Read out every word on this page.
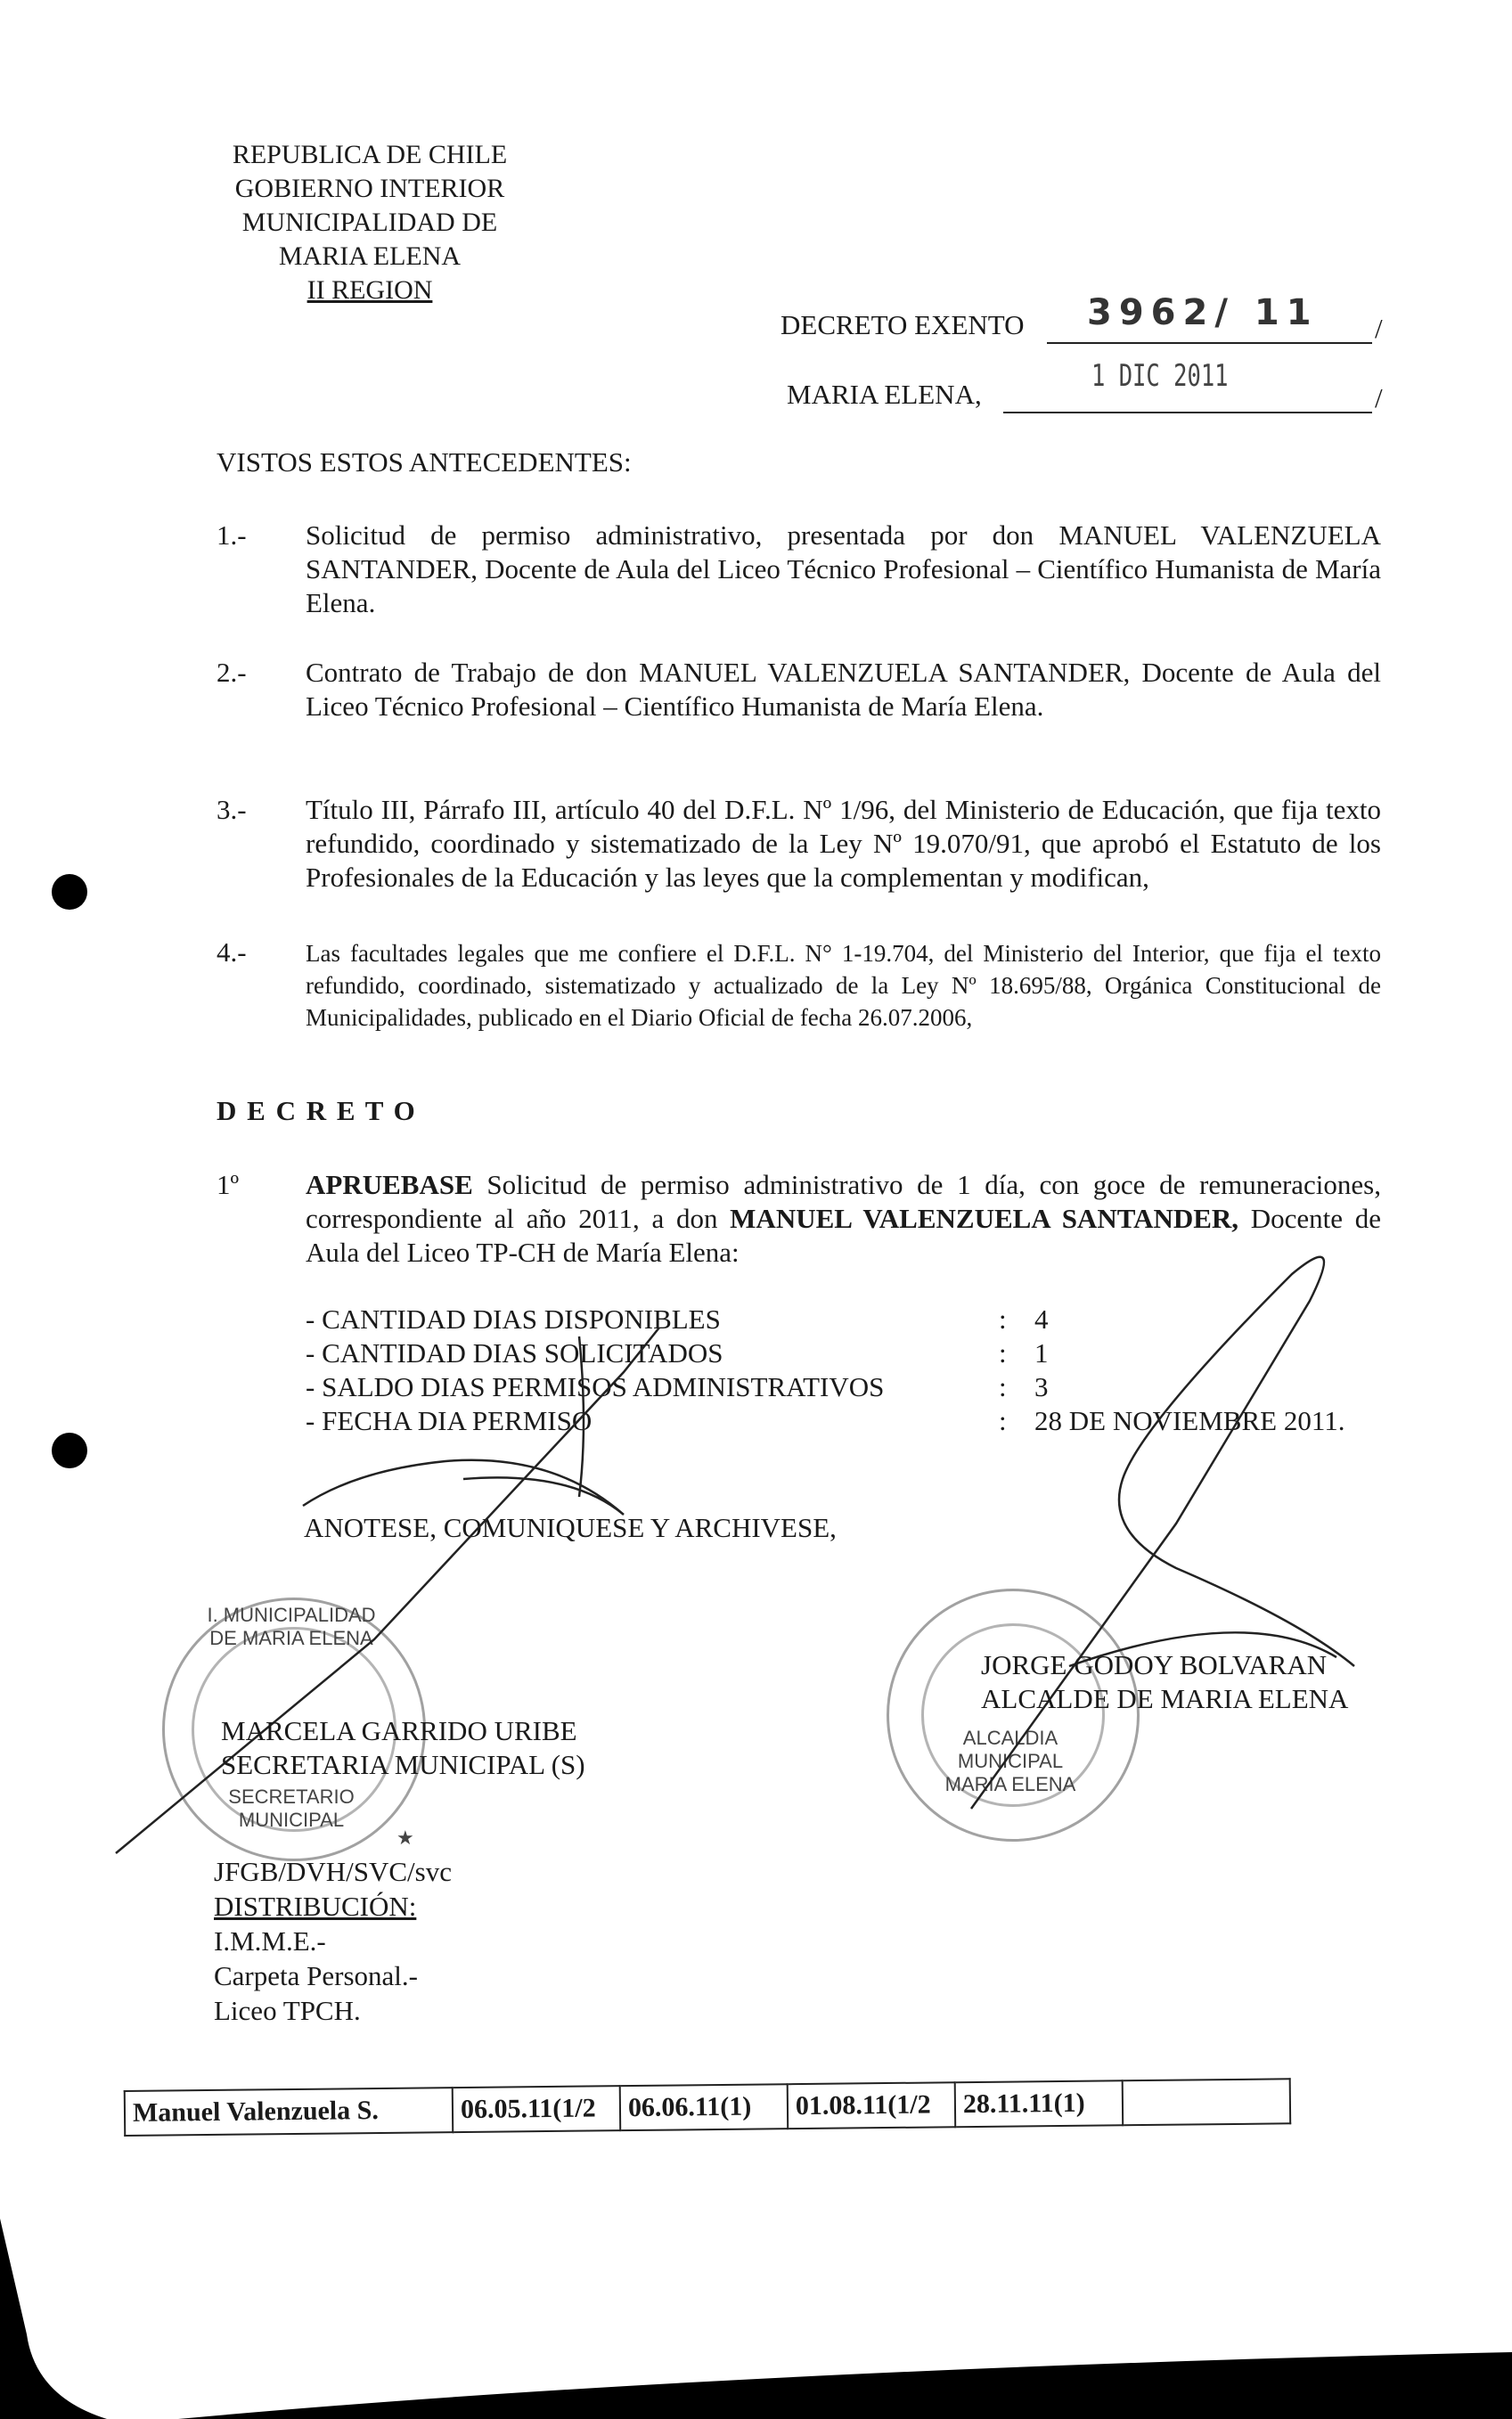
REPUBLICA DE CHILE
GOBIERNO INTERIOR
MUNICIPALIDAD DE
MARIA ELENA
II REGION
DECRETO EXENTO 3962/ 11 /
MARIA ELENA,
1 DIC 2011
/
VISTOS ESTOS ANTECEDENTES:
1.- Solicitud de permiso administrativo, presentada por don MANUEL VALENZUELA SANTANDER, Docente de Aula del Liceo Técnico Profesional – Científico Humanista de María Elena.
2.- Contrato de Trabajo de don MANUEL VALENZUELA SANTANDER, Docente de Aula del Liceo Técnico Profesional – Científico Humanista de María Elena.
3.- Título III, Párrafo III, artículo 40 del D.F.L. Nº 1/96, del Ministerio de Educación, que fija texto refundido, coordinado y sistematizado de la Ley Nº 19.070/91, que aprobó el Estatuto de los Profesionales de la Educación y las leyes que la complementan y modifican,
4.- Las facultades legales que me confiere el D.F.L. N° 1-19.704, del Ministerio del Interior, que fija el texto refundido, coordinado, sistematizado y actualizado de la Ley Nº 18.695/88, Orgánica Constitucional de Municipalidades, publicado en el Diario Oficial de fecha 26.07.2006,
D E C R E T O
1º APRUEBASE Solicitud de permiso administrativo de 1 día, con goce de remuneraciones, correspondiente al año 2011, a don MANUEL VALENZUELA SANTANDER, Docente de Aula del Liceo TP-CH de María Elena:
- CANTIDAD DIAS DISPONIBLES	:	4
- CANTIDAD DIAS SOLICITADOS	:	1
- SALDO DIAS PERMISOS ADMINISTRATIVOS	:	3
- FECHA DIA PERMISO	:	28 DE NOVIEMBRE 2011.
ANOTESE, COMUNIQUESE Y ARCHIVESE,
I. MUNICIPALIDAD DE MARIA ELENA
SECRETARIO MUNICIPAL
★
ALCALDIA MUNICIPAL MARIA ELENA
MARCELA GARRIDO URIBE
SECRETARIA MUNICIPAL (S)
JORGE GODOY BOLVARAN
ALCALDE DE MARIA ELENA
JFGB/DVH/SVC/svc
DISTRIBUCIÓN:
I.M.M.E.-
Carpeta Personal.-
Liceo TPCH.
Manuel Valenzuela S.	06.05.11(1/2	06.06.11(1)	01.08.11(1/2	28.11.11(1)	
